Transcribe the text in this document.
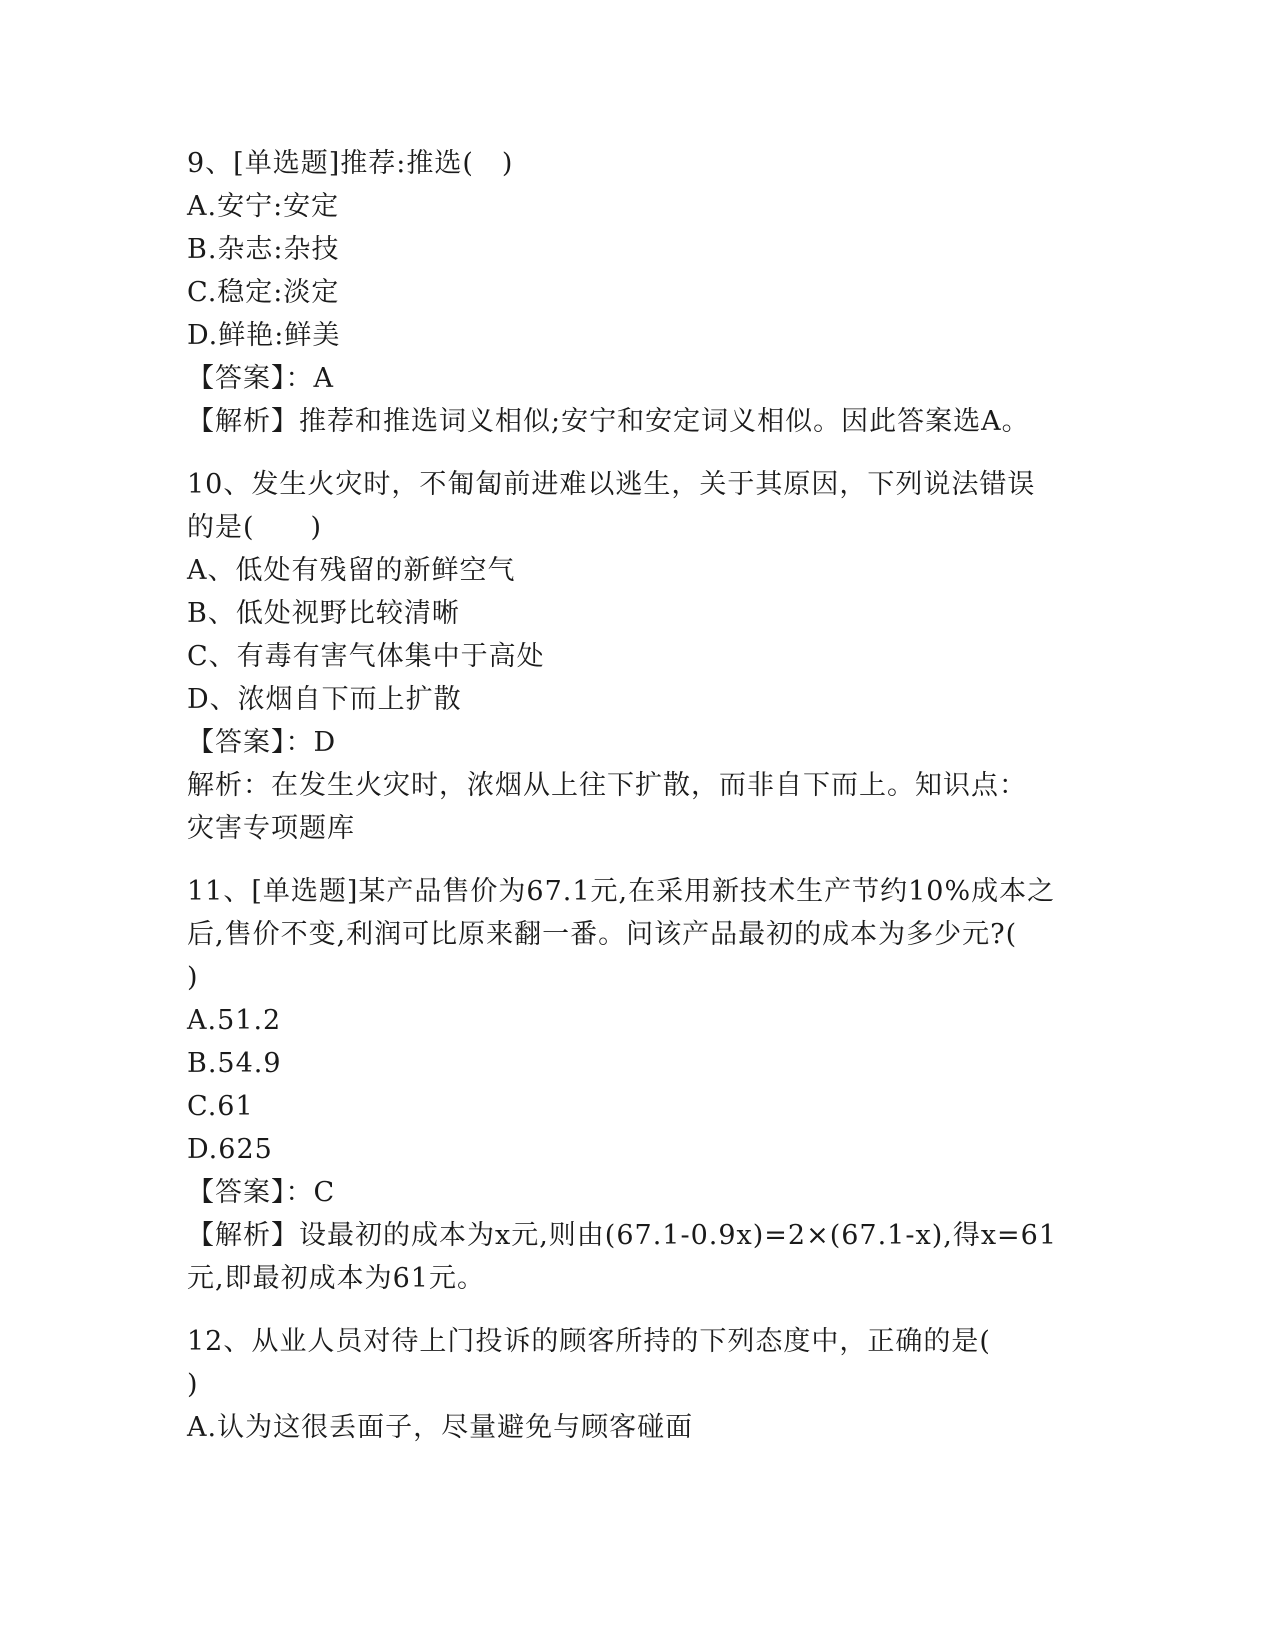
9、[单选题]推荐:推选(　)
A.安宁:安定
B.杂志:杂技
C.稳定:淡定
D.鲜艳:鲜美
【答案】：A
【解析】推荐和推选词义相似;安宁和安定词义相似。因此答案选A。
10、发生火灾时，不匍匐前进难以逃生，关于其原因，下列说法错误
的是(　　)
A、低处有残留的新鲜空气
B、低处视野比较清晰
C、有毒有害气体集中于高处
D、浓烟自下而上扩散
【答案】：D
解析：在发生火灾时，浓烟从上往下扩散，而非自下而上。知识点：
灾害专项题库
11、[单选题]某产品售价为67.1元,在采用新技术生产节约10%成本之
后,售价不变,利润可比原来翻一番。问该产品最初的成本为多少元?(
)
A.51.2
B.54.9
C.61
D.625
【答案】：C
【解析】设最初的成本为x元,则由(67.1-0.9x)=2×(67.1-x),得x=61
元,即最初成本为61元。
12、从业人员对待上门投诉的顾客所持的下列态度中，正确的是(
)
A.认为这很丢面子，尽量避免与顾客碰面
